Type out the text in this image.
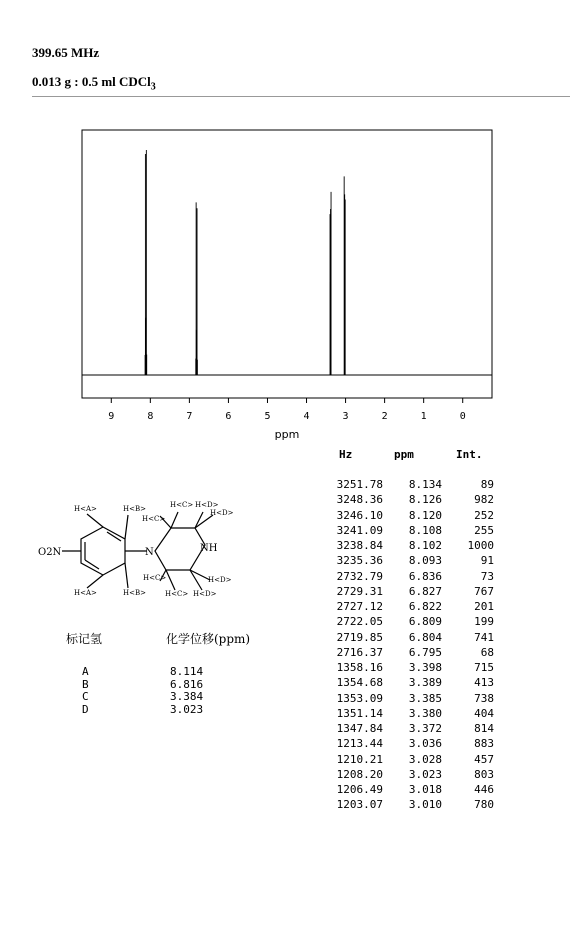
399.65 MHz
0.013 g : 0.5 ml CDCl$_3$
9	8	7	6	5	4	3	2	1	0
ppm
O2N	N	NH
H<A>	H<B>	H<C> H<D>
H<C>
H<D>
H<A>	H<B>
H<C>
H<C> H<D>
H<D>
标记氢	化学位移(ppm)
A	8.114
B	6.816
C	3.384
D	3.023
Hz	ppm	Int.
3251.78 8.134	89
3248.36 8.126	982
3246.10 8.120	252
3241.09 8.108	255
3238.84 8.102 1000
3235.36 8.093	91
2732.79 6.836	73
2729.31 6.827	767
2727.12 6.822	201
2722.05 6.809	199
2719.85 6.804	741
2716.37 6.795	68
1358.16 3.398	715
1354.68 3.389	413
1353.09 3.385	738
1351.14 3.380	404
1347.84 3.372	814
1213.44 3.036	883
1210.21 3.028	457
1208.20 3.023	803
1206.49 3.018	446
1203.07 3.010	780
